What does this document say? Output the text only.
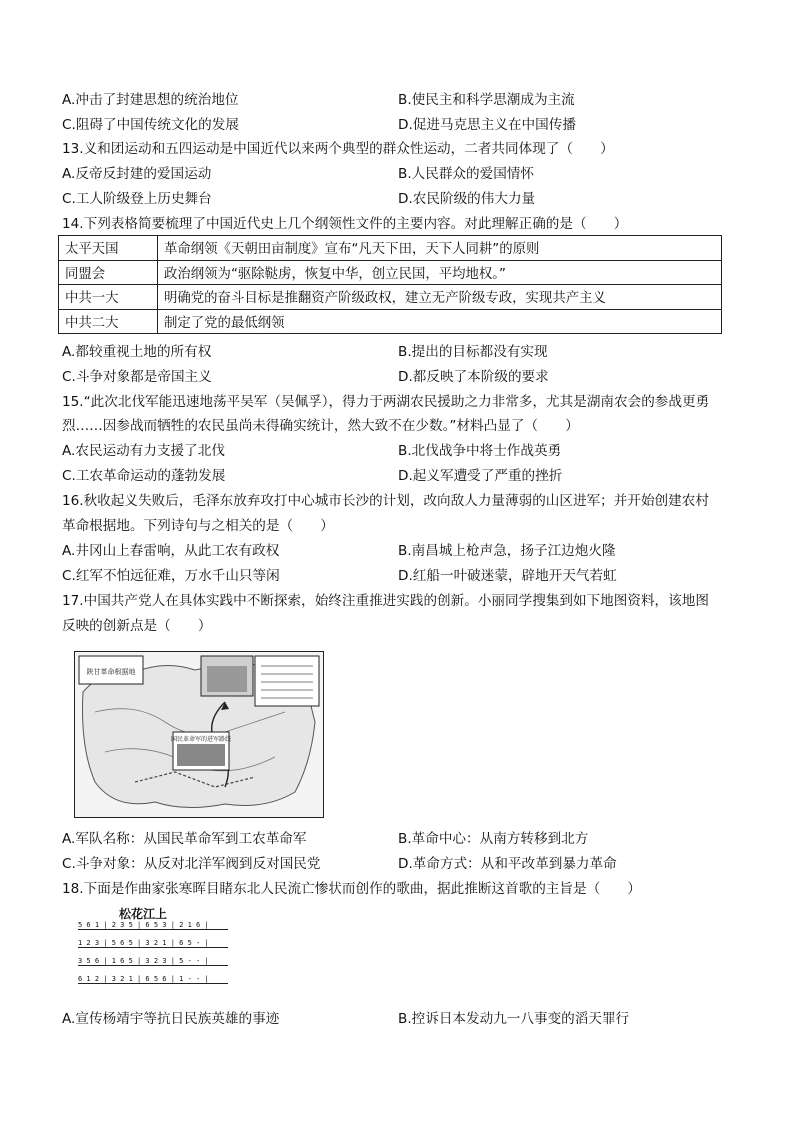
A.冲击了封建思想的统治地位	B.使民主和科学思潮成为主流
C.阻碍了中国传统文化的发展	D.促进马克思主义在中国传播
13.义和团运动和五四运动是中国近代以来两个典型的群众性运动，二者共同体现了（　　）
A.反帝反封建的爱国运动	B.人民群众的爱国情怀
C.工人阶级登上历史舞台	D.农民阶级的伟大力量
14.下列表格简要梳理了中国近代史上几个纲领性文件的主要内容。对此理解正确的是（　　）
太平天国	革命纲领《天朝田亩制度》宣布“凡天下田，天下人同耕”的原则
同盟会	政治纲领为“驱除鞑虏，恢复中华，创立民国，平均地权。”
中共一大	明确党的奋斗目标是推翻资产阶级政权，建立无产阶级专政，实现共产主义
中共二大	制定了党的最低纲领
A.都较重视土地的所有权	B.提出的目标都没有实现
C.斗争对象都是帝国主义	D.都反映了本阶级的要求
15.“此次北伐军能迅速地荡平吴军（吴佩孚），得力于两湖农民援助之力非常多，尤其是湖南农会的参战更勇
烈……因参战而牺牲的农民虽尚未得确实统计，然大致不在少数。”材料凸显了（　　）
A.农民运动有力支援了北伐	B.北伐战争中将士作战英勇
C.工农革命运动的蓬勃发展	D.起义军遭受了严重的挫折
16.秋收起义失败后，毛泽东放弃攻打中心城市长沙的计划，改向敌人力量薄弱的山区进军；并开始创建农村
革命根据地。下列诗句与之相关的是（　　）
A.井冈山上春雷响，从此工农有政权	B.南昌城上枪声急，扬子江边炮火隆
C.红军不怕远征难，万水千山只等闲	D.红船一叶破迷蒙，辟地开天气若虹
17.中国共产党人在具体实践中不断探索，始终注重推进实践的创新。小丽同学搜集到如下地图资料，该地图
反映的创新点是（　　）
陕甘革命根据地
国民革命军的进军路线
A.军队名称：从国民革命军到工农革命军	B.革命中心：从南方转移到北方
C.斗争对象：从反对北洋军阀到反对国民党	D.革命方式：从和平改革到暴力革命
18.下面是作曲家张寒晖目睹东北人民流亡惨状而创作的歌曲，据此推断这首歌的主旨是（　　）
松花江上
5 6 1 | 2 3 5 | 6 5 3 | 2 1 6 |
1 2 3 | 5 6 5 | 3 2 1 | 6 5 - |
3 5 6 | 1 6 5 | 3 2 3 | 5 - - |
6 1 2 | 3 2 1 | 6 5 6 | 1 - - |
A.宣传杨靖宇等抗日民族英雄的事迹	B.控诉日本发动九一八事变的滔天罪行
